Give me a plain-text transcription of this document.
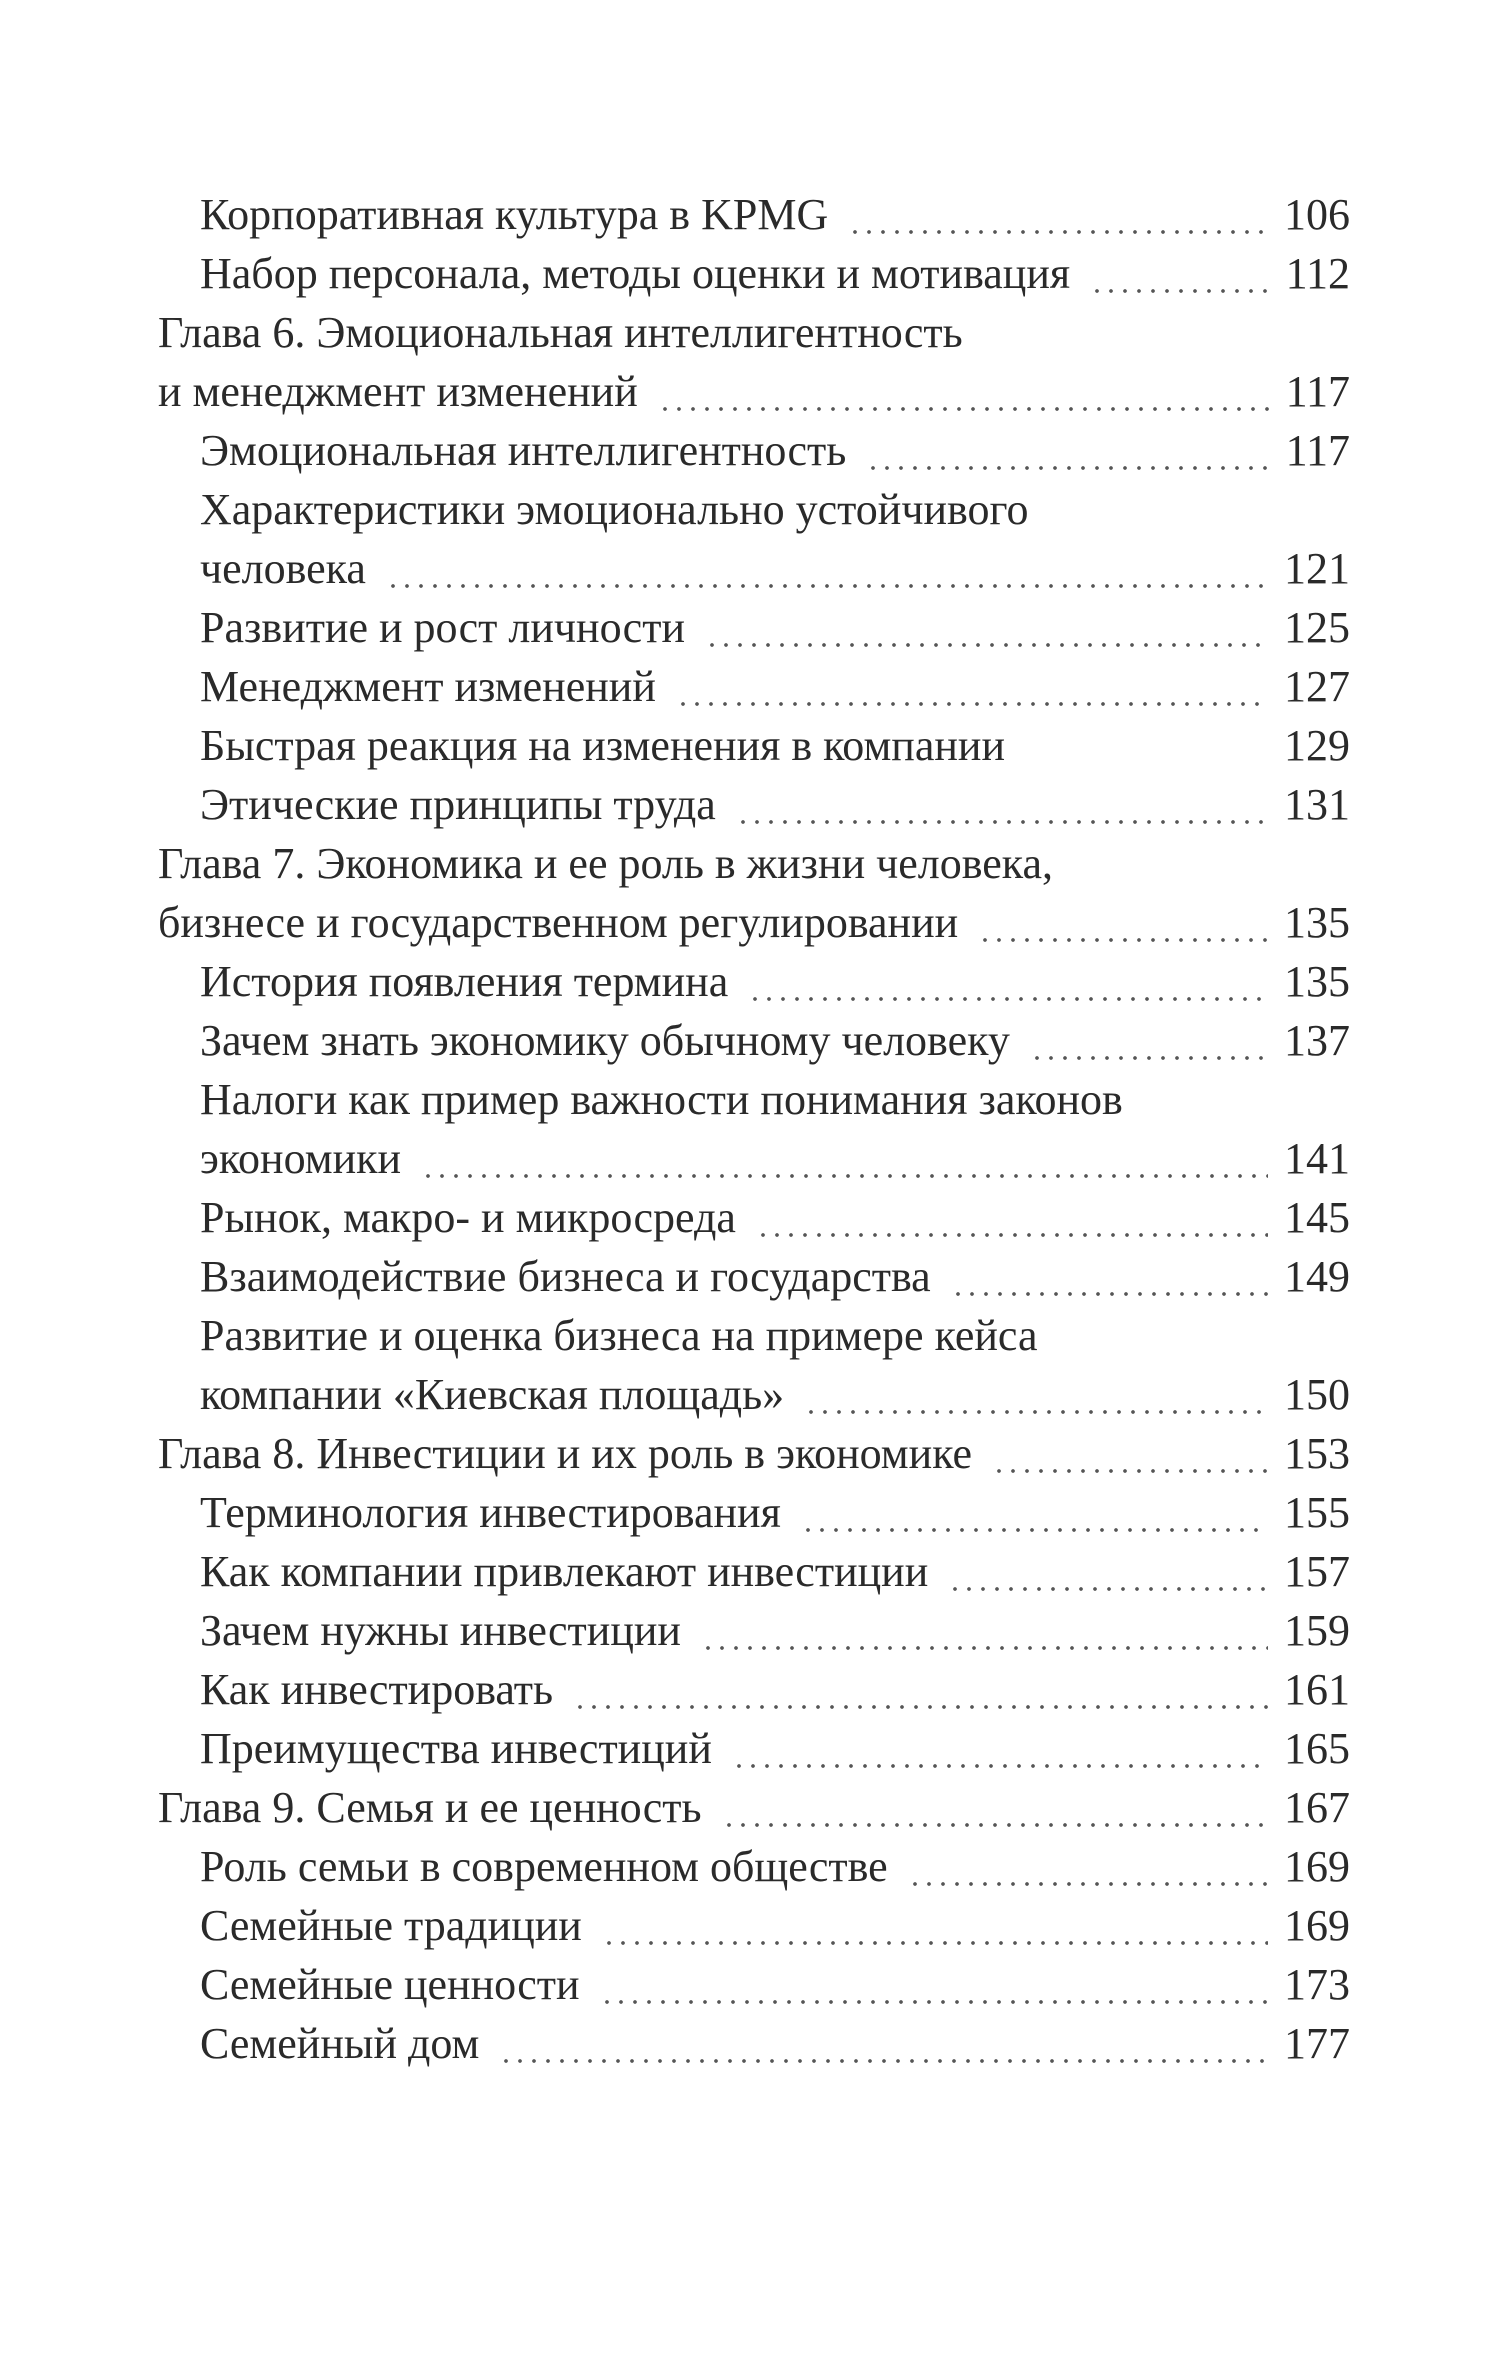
Корпоративная культура в KPMG	106
Набор персонала, методы оценки и мотивация	112
Глава 6. Эмоциональная интеллигентность
и менеджмент изменений	117
Эмоциональная интеллигентность	117
Характеристики эмоционально устойчивого
человека	121
Развитие и рост личности	125
Менеджмент изменений	127
Быстрая реакция на изменения в компании	129
Этические принципы труда	131
Глава 7. Экономика и ее роль в жизни человека,
бизнесе и государственном регулировании	135
История появления термина	135
Зачем знать экономику обычному человеку	137
Налоги как пример важности понимания законов
экономики	141
Рынок, макро- и микросреда	145
Взаимодействие бизнеса и государства	149
Развитие и оценка бизнеса на примере кейса
компании «Киевская площадь»	150
Глава 8. Инвестиции и их роль в экономике	153
Терминология инвестирования	155
Как компании привлекают инвестиции	157
Зачем нужны инвестиции	159
Как инвестировать	161
Преимущества инвестиций	165
Глава 9. Семья и ее ценность	167
Роль семьи в современном обществе	169
Семейные традиции	169
Семейные ценности	173
Семейный дом	177
